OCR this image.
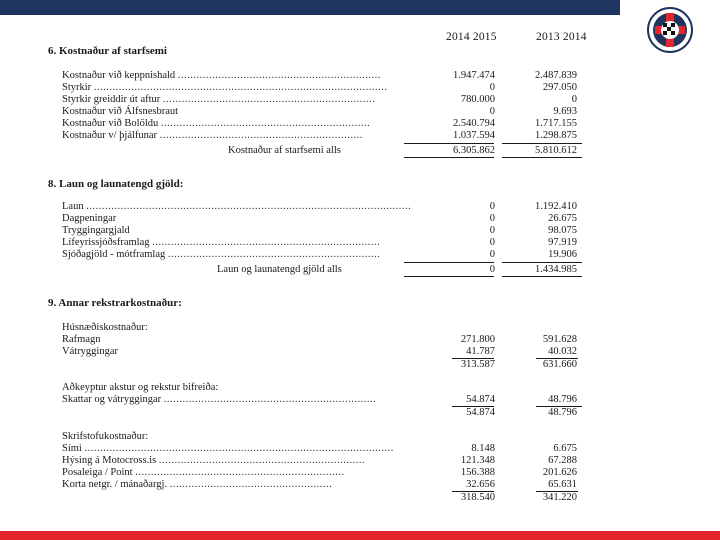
2014 2015	2013 2014
6. Kostnaður af starfsemi
Kostnaður við keppnishald .................................................................	1.947.474	2.487.839
Styrkir ..............................................................................................	0	297.050
Styrkir greiddir út aftur ....................................................................	780.000	0
Kostnaður við Álfsnesbraut	0	9.693
Kostnaður við Bolöldu ...................................................................	2.540.794	1.717.155
Kostnaður v/ þjálfunar .................................................................	1.037.594	1.298.875
Kostnaður af starfsemi alls	6.305.862	5.810.612
8. Laun og launatengd gjöld:
Laun ........................................................................................................	0	1.192.410
Dagpeningar	0	26.675
Tryggingargjald	0	98.075
Lífeyrissjóðsframlag .........................................................................	0	97.919
Sjóðagjöld - mótframlag ....................................................................	0	19.906
Laun og launatengd gjöld alls	0	1.434.985
9. Annar rekstrarkostnaður:
Húsnæðiskostnaður:
Rafmagn	271.800	591.628
Vátryggingar	41.787	40.032
313.587	631.660
Aðkeyptur akstur og rekstur bifreiða:
Skattar og vátryggingar ....................................................................	54.874	48.796
54.874	48.796
Skrifstofukostnaður:
Sími ...................................................................................................	8.148	6.675
Hýsing á Motocross.is ..................................................................	121.348	67.288
Posaleiga / Point ...................................................................	156.388	201.626
Korta netgr. / mánaðargj. ....................................................	32.656	65.631
318.540	341.220
